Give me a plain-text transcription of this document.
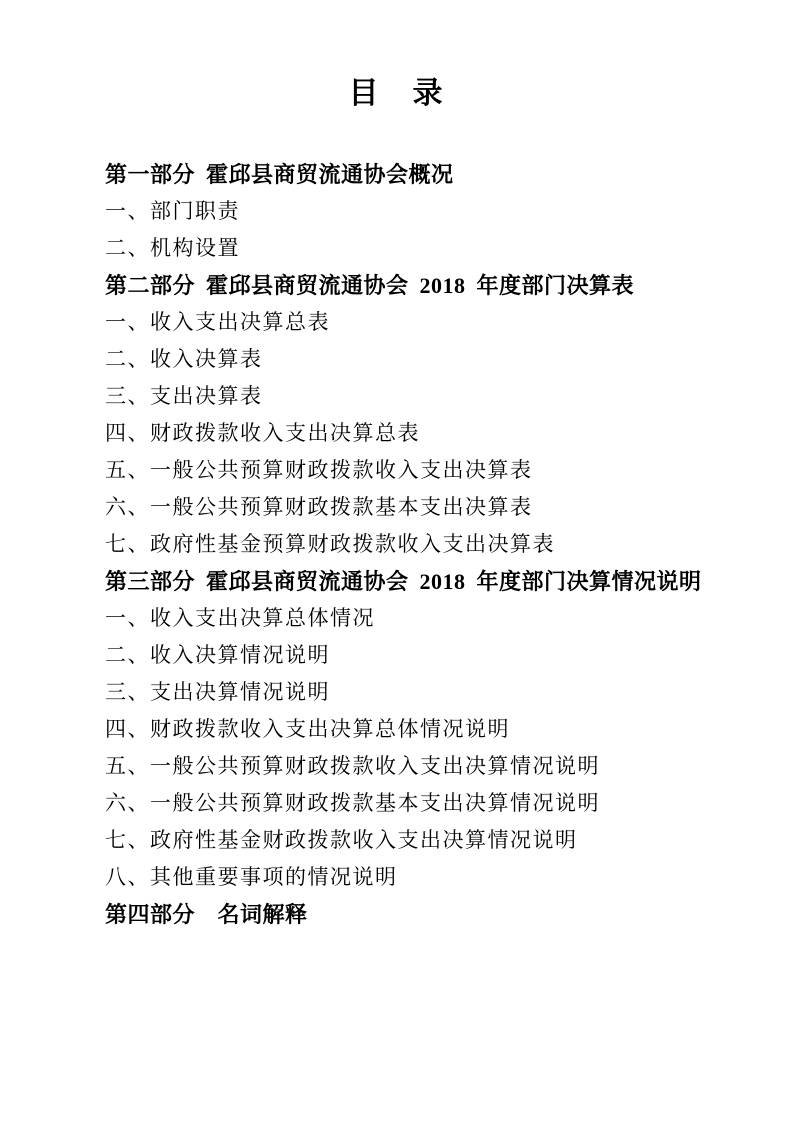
目　录
第一部分 霍邱县商贸流通协会概况
一、部门职责
二、机构设置
第二部分 霍邱县商贸流通协会 2018 年度部门决算表
一、收入支出决算总表
二、收入决算表
三、支出决算表
四、财政拨款收入支出决算总表
五、一般公共预算财政拨款收入支出决算表
六、一般公共预算财政拨款基本支出决算表
七、政府性基金预算财政拨款收入支出决算表
第三部分 霍邱县商贸流通协会 2018 年度部门决算情况说明
一、收入支出决算总体情况
二、收入决算情况说明
三、支出决算情况说明
四、财政拨款收入支出决算总体情况说明
五、一般公共预算财政拨款收入支出决算情况说明
六、一般公共预算财政拨款基本支出决算情况说明
七、政府性基金财政拨款收入支出决算情况说明
八、其他重要事项的情况说明
第四部分　名词解释
